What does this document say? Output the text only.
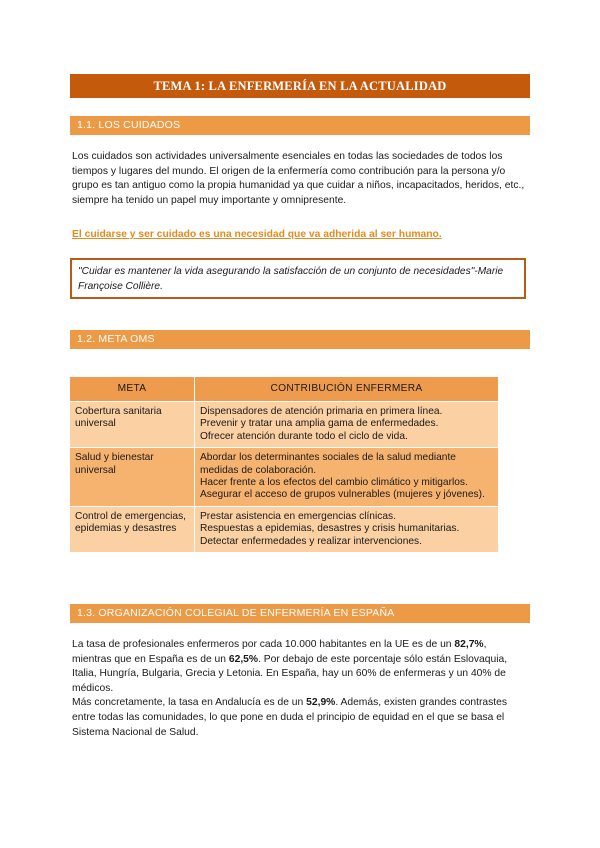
TEMA 1: LA ENFERMERÍA EN LA ACTUALIDAD
1.1. LOS CUIDADOS
Los cuidados son actividades universalmente esenciales en todas las sociedades de todos los tiempos y lugares del mundo. El origen de la enfermería como contribución para la persona y/o grupo es tan antiguo como la propia humanidad ya que cuidar a niños, incapacitados, heridos, etc., siempre ha tenido un papel muy importante y omnipresente.
El cuidarse y ser cuidado es una necesidad que va adherida al ser humano.
"Cuidar es mantener la vida asegurando la satisfacción de un conjunto de necesidades"-Marie Françoise Collière.
1.2. META OMS
META	CONTRIBUCIÓN ENFERMERA
Cobertura sanitaria universal	Dispensadores de atención primaria en primera línea.
Prevenir y tratar una amplia gama de enfermedades.
Ofrecer atención durante todo el ciclo de vida.

Salud y bienestar universal	Abordar los determinantes sociales de la salud mediante medidas de colaboración.
Hacer frente a los efectos del cambio climático y mitigarlos.
Asegurar el acceso de grupos vulnerables (mujeres y jóvenes).

Control de emergencias, epidemias y desastres	Prestar asistencia en emergencias clínicas.
Respuestas a epidemias, desastres y crisis humanitarias.
Detectar enfermedades y realizar intervenciones.
1.3. ORGANIZACIÓN COLEGIAL DE ENFERMERÍA EN ESPAÑA
La tasa de profesionales enfermeros por cada 10.000 habitantes en la UE es de un 82,7%, mientras que en España es de un 62,5%. Por debajo de este porcentaje sólo están Eslovaquia, Italia, Hungría, Bulgaria, Grecia y Letonia. En España, hay un 60% de enfermeras y un 40% de médicos.
Más concretamente, la tasa en Andalucía es de un 52,9%. Además, existen grandes contrastes entre todas las comunidades, lo que pone en duda el principio de equidad en el que se basa el Sistema Nacional de Salud.
